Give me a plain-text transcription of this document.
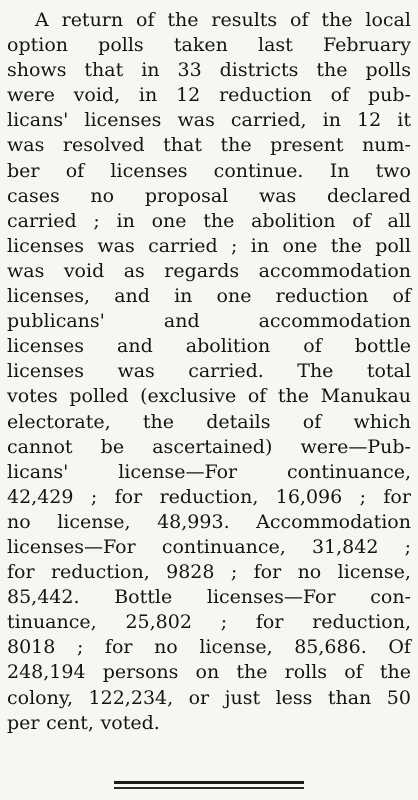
A return of the results of the local
option polls taken last February
shows that in 33 districts the polls
were void, in 12 reduction of pub-
licans' licenses was carried, in 12 it
was resolved that the present num-
ber of licenses continue. In two
cases no proposal was declared
carried ; in one the abolition of all
licenses was carried ; in one the poll
was void as regards accommodation
licenses, and in one reduction of
publicans'	and	accommodation
licenses and abolition of bottle
licenses was carried. The total
votes polled (exclusive of the Manukau
electorate, the details of which
cannot be ascertained) were—Pub-
licans'	license—For	continuance,
42,429 ; for reduction, 16,096 ; for
no license, 48,993. Accommodation
licenses—For continuance, 31,842 ;
for reduction, 9828 ; for no license,
85,442. Bottle licenses—For con-
tinuance, 25,802 ; for reduction,
8018 ; for no license, 85,686. Of
248,194 persons on the rolls of the
colony, 122,234, or just less than 50
per cent, voted.
